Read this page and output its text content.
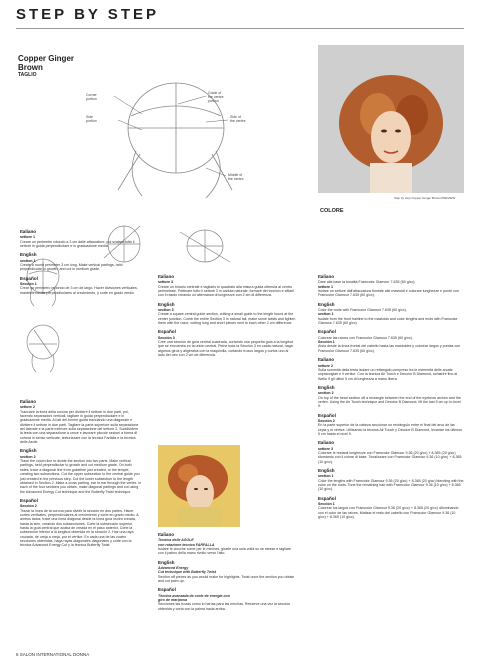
STEP BY STEP
Copper Ginger
Brown
TAGLIO
Corner
portion
Side
portion
Guide of
the centre
portion
Side of
the centre
Middle of
the centre
Step by step Copper Ginger Brown PREVIEW
Italiano

settore 1

Creare un perimetro rotondo a 3 cm dalle attaccature, poi scalare tutto il settore in guida perpendicolare e in graduazione media.

English

section 1

Create a round perimeter 3 cm long. Make vertical partings, held perpendicular to growth, and cut in medium grade.

Español

Sección 1

Crear un perímetro redondo de 3 cm de largo. Hacer divisiones verticales, manteniéndolas perpendiculares al crecimiento, y corte en grado medio.

Italiano

settore 2

Tracciare la linea della corona per dividere il settore in due parti, poi, facendo separazioni verticali, tagliare in guida perpendicolare e in graduazione media. Ai lati del fornire guida tracciando una diagonale e dividere il settore in due parti. Tagliare la parte superiore sulla separazione del laterale e la parte inferiore sulla separazione del settore 2. Suddividere la testa con una separazione a croce e lavorare piccole sezioni a forma di corona in senso verticale, texturizzare con la tecnica Farfalla e la tecnica delle Asole.

English

section 2

Trace the crown line to divide the section into two parts. Make vertical partings, held perpendicular to growth and cut medium grade. On both sides, trace a diagonal line from guideline just created, to the temple, creating two subsections. Cut the upper subsection to the central guide you just created in the previous step. Cut the lower subsection to the length obtained in Section 2. Make a cross parting, ear to ear through the vertex. In each of the four sections you obtain, make diagonal partings and cut using the Advanced Energy Cut technique and the Butterfly Twist technique.

Español

Sección 2

Trazar la línea de la corona para dividir la sección en dos partes. Hacer cortes verticales, perpendiculares al crecimiento y corte en grado medio. A ambos lados, trace una línea diagonal desde la línea guía recién creada, hasta la sien, creando dos subsecciones. Corte la subsección superior hasta la guía central que acaba de creada en el paso anterior. Corte la subsección inferior a la longitud obtenida en la sección 2. Haz una raya cruzada, de oreja a oreja, por el vértice. En cada una de las cuatro secciones obtenidas, haga rayas diagonales diagonales y corte con la técnica Advanced Energy Cut y la técnica Butterfly Twist.

Italiano

settore 3

Creare un binario centrale e tagliarlo in quadrato alla misura guida ottenuta al centro perimetrale. Pettinare tutto il settore 3 in caduta naturale, formare dei torchon e sfilarli con il rasoio creando un'alternanza di lunghezze con 2 cm di differenza.

English

section 3

Create a square central guide section, cutting a small guide to the length found at the center junction. Comb the entire Section 3 in natural fall, make some twists and lighten them with the razor, cutting long and short pieces next to each other 2 cm difference.

Español

Sección 3

Cree una sección de guía central cuadrada, cortando una pequeña guía a la longitud que se encuentra en la unión central. Peine toda la Sección 3 en caída natural, haga algunos giros y aligéralos con la maquinilla, cortando trozos largos y cortos uno al lado del otro con 2 cm de diferencia.

Italiano

Tecnica delle ASOLE

con rotazione tecnica FARFALLA

Isolare le ciocche come per le meches, girarle una sola volta su se stesse e tagliare con il palmo della mano rivolto verso l'alto.

English

Advanced Energy

Cut technique with Butterfly Twist

Section off pieces as you would make for highlights. Twist once the section you obtain and cut palm up.

Español

Técnica avanzada de corte de energía con

giro de mariposa

Secciones las trozas como lo harías para las mechas. Retuerce una vez la sección obtenida y corta con la palma hacia arriba.

COLORE
Italiano

Dare alla base la tonalità Framcolor Glamour 7.635 (60 g/cc).

settore 1

Isolare un settore dall'attaccatura frontale alle mastoidi e colorare lunghezze e punte con Framcolor Glamour 7.635 (60 g/cc).

English

Color the roots with Framcolor Glamour 7.635 (60 g/cc).

section 1

Isolate from the front hairline to the mastoids and color lengths and ends with Framcolor Glamour 7.635 (60 g/cc).

Español

Colorear las raíces con Framcolor Glamour 7.635 (60 g/cc).

Sección 1

Aísla desde la línea frontal del cabello hasta las mastoides y colorear largos y puntas con Framcolor Glamour 7.635 (60 g/cc).

Italiano

settore 2

Sulla sommità della testa isolare un rettangolo compreso tra le estremità delle arcate sopracciglari e il vertice. Con la tecnica Air Touch e Decolor B Diamond, schiarire fino al livello 9 gli ultimi 5 cm di lunghezza a mano libera.

English

section 2

On top of the head section off a rectangle between the end of the eyebrow arches and the vertex. Using the Air Touch technique and Decolor B Diamond, lift the last 5 cm up to level 9.

Español

Sección 2

En la parte superior de la cabeza seccionar un rectángulo entre el final del arco de las cejas y el vértice. Utilizando la técnica Air Touch y Decolor B Diamond, levantar los últimos 5 cm hasta el nivel 9.

Italiano

settore 3

Colorare le restanti lunghezze con Framcolor Glamour 9.36 (20 g/cc) + 8.365 (20 g/cc) sfumando con il colore di base. Tonalizzare con Framcolor Glamour 9.36 (10 g/cc) + 8.365 (10 g/cc).

English

section 1

Color the lengths with Framcolor Glamour 9.36 (20 g/cc) + 8.365 (20 g/cc) blending with the color on the roots. Tone the remaining hair with Framcolor Glamour 9.36 (10 g/cc) + 8.365 (10 g/cc).

Español

Sección 1

Colorear los largos con Framcolor Glamour 9.36 (20 g/cc) + 8.365 (20 g/cc) difuminando con el color de las raíces. Matizar el resto del cabello con Framcolor Glamour 9.36 (10 g/cc) + 8.365 (10 g/cc).

6 SALON INTERNATIONAL DONNA
